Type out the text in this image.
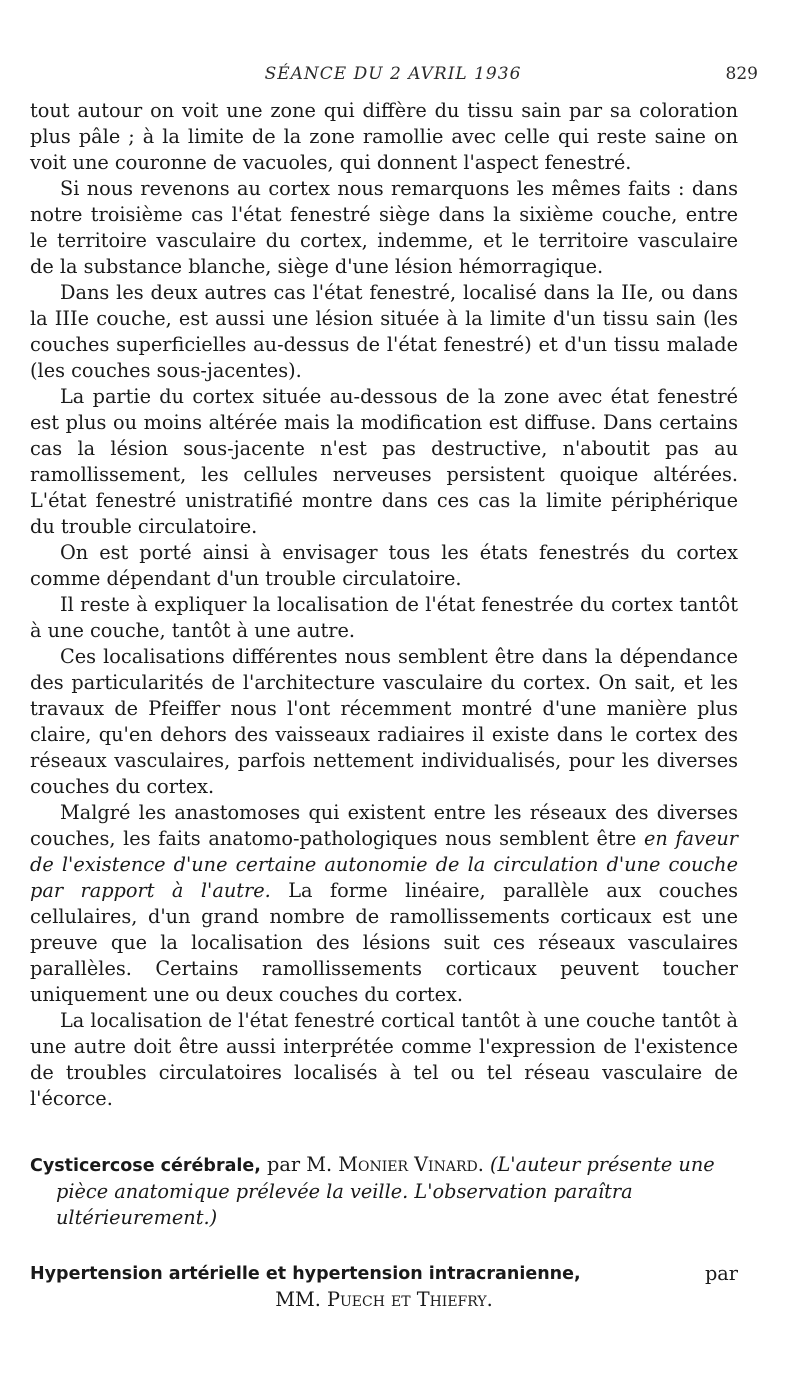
SÉANCE DU 2 AVRIL 1936	829

tout autour on voit une zone qui diffère du tissu sain par sa coloration plus pâle ; à la limite de la zone ramollie avec celle qui reste saine on voit une couronne de vacuoles, qui donnent l'aspect fenestré.

Si nous revenons au cortex nous remarquons les mêmes faits : dans notre troisième cas l'état fenestré siège dans la sixième couche, entre le territoire vasculaire du cortex, indemme, et le territoire vasculaire de la substance blanche, siège d'une lésion hémorragique.

Dans les deux autres cas l'état fenestré, localisé dans la IIe, ou dans la IIIe couche, est aussi une lésion située à la limite d'un tissu sain (les couches superficielles au-dessus de l'état fenestré) et d'un tissu malade (les couches sous-jacentes).

La partie du cortex située au-dessous de la zone avec état fenestré est plus ou moins altérée mais la modification est diffuse. Dans certains cas la lésion sous-jacente n'est pas destructive, n'aboutit pas au ramollissement, les cellules nerveuses persistent quoique altérées. L'état fenestré unistratifié montre dans ces cas la limite périphérique du trouble circulatoire.

On est porté ainsi à envisager tous les états fenestrés du cortex comme dépendant d'un trouble circulatoire.

Il reste à expliquer la localisation de l'état fenestrée du cortex tantôt à une couche, tantôt à une autre.

Ces localisations différentes nous semblent être dans la dépendance des particularités de l'architecture vasculaire du cortex. On sait, et les travaux de Pfeiffer nous l'ont récemment montré d'une manière plus claire, qu'en dehors des vaisseaux radiaires il existe dans le cortex des réseaux vasculaires, parfois nettement individualisés, pour les diverses couches du cortex.

Malgré les anastomoses qui existent entre les réseaux des diverses couches, les faits anatomo-pathologiques nous semblent être en faveur de l'existence d'une certaine autonomie de la circulation d'une couche par rapport à l'autre. La forme linéaire, parallèle aux couches cellulaires, d'un grand nombre de ramollissements corticaux est une preuve que la localisation des lésions suit ces réseaux vasculaires parallèles. Certains ramollissements corticaux peuvent toucher uniquement une ou deux couches du cortex.

La localisation de l'état fenestré cortical tantôt à une couche tantôt à une autre doit être aussi interprétée comme l'expression de l'existence de troubles circulatoires localisés à tel ou tel réseau vasculaire de l'écorce.

Cysticercose cérébrale, par M. Monier Vinard. (L'auteur présente une
pièce anatomique prélevée la veille. L'observation paraîtra ultérieurement.)
Hypertension artérielle et hypertension intracranienne,	par
MM. Puech et Thiefry.
